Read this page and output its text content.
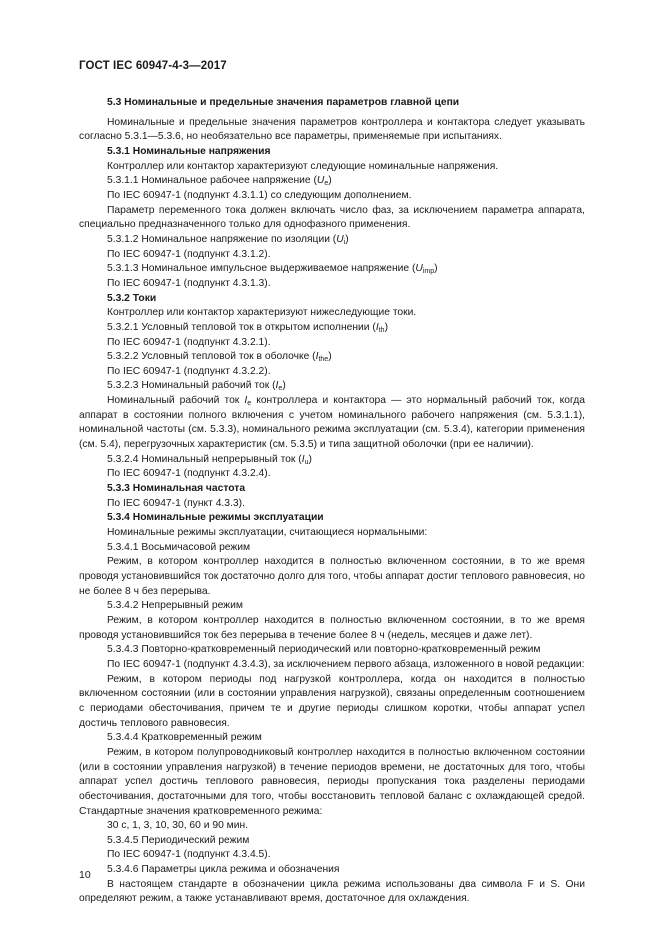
ГОСТ IEC 60947-4-3—2017

5.3 Номинальные и предельные значения параметров главной цепи

Номинальные и предельные значения параметров контроллера и контактора следует указывать согласно 5.3.1—5.3.6, но необязательно все параметры, применяемые при испытаниях.

5.3.1 Номинальные напряжения

Контроллер или контактор характеризуют следующие номинальные напряжения.

5.3.1.1 Номинальное рабочее напряжение $(U_e)$

По IEC 60947-1 (подпункт 4.3.1.1) со следующим дополнением.

Параметр переменного тока должен включать число фаз, за исключением параметра аппарата, специально предназначенного только для однофазного применения.

5.3.1.2 Номинальное напряжение по изоляции $(U_i)$

По IEC 60947-1 (подпункт 4.3.1.2).

5.3.1.3 Номинальное импульсное выдерживаемое напряжение $(U_{imp})$

По IEC 60947-1 (подпункт 4.3.1.3).

5.3.2 Токи

Контроллер или контактор характеризуют нижеследующие токи.

5.3.2.1 Условный тепловой ток в открытом исполнении $(I_{th})$

По IEC 60947-1 (подпункт 4.3.2.1).

5.3.2.2 Условный тепловой ток в оболочке $(I_{the})$

По IEC 60947-1 (подпункт 4.3.2.2).

5.3.2.3 Номинальный рабочий ток $(I_e)$

Номинальный рабочий ток $I_e$ контроллера и контактора — это нормальный рабочий ток, когда аппарат в состоянии полного включения с учетом номинального рабочего напряжения (см. 5.3.1.1), номинальной частоты (см. 5.3.3), номинального режима эксплуатации (см. 5.3.4), категории применения (см. 5.4), перегрузочных характеристик (см. 5.3.5) и типа защитной оболочки (при ее наличии).

5.3.2.4 Номинальный непрерывный ток $(I_u)$

По IEC 60947-1 (подпункт 4.3.2.4).

5.3.3 Номинальная частота

По IEC 60947-1 (пункт 4.3.3).

5.3.4 Номинальные режимы эксплуатации

Номинальные режимы эксплуатации, считающиеся нормальными:

5.3.4.1 Восьмичасовой режим

Режим, в котором контроллер находится в полностью включенном состоянии, в то же время проводя установившийся ток достаточно долго для того, чтобы аппарат достиг теплового равновесия, но не более 8 ч без перерыва.

5.3.4.2 Непрерывный режим

Режим, в котором контроллер находится в полностью включенном состоянии, в то же время проводя установившийся ток без перерыва в течение более 8 ч (недель, месяцев и даже лет).

5.3.4.3 Повторно-кратковременный периодический или повторно-кратковременный режим

По IEC 60947-1 (подпункт 4.3.4.3), за исключением первого абзаца, изложенного в новой редакции:

Режим, в котором периоды под нагрузкой контроллера, когда он находится в полностью включенном состоянии (или в состоянии управления нагрузкой), связаны определенным соотношением с периодами обесточивания, причем те и другие периоды слишком коротки, чтобы аппарат успел достичь теплового равновесия.

5.3.4.4 Кратковременный режим

Режим, в котором полупроводниковый контроллер находится в полностью включенном состоянии (или в состоянии управления нагрузкой) в течение периодов времени, не достаточных для того, чтобы аппарат успел достичь теплового равновесия, периоды пропускания тока разделены периодами обесточивания, достаточными для того, чтобы восстановить тепловой баланс с охлаждающей средой. Стандартные значения кратковременного режима:

30 с, 1, 3, 10, 30, 60 и 90 мин.

5.3.4.5 Периодический режим

По IEC 60947-1 (подпункт 4.3.4.5).

5.3.4.6 Параметры цикла режима и обозначения

В настоящем стандарте в обозначении цикла режима использованы два символа F и S. Они определяют режим, а также устанавливают время, достаточное для охлаждения.

10
